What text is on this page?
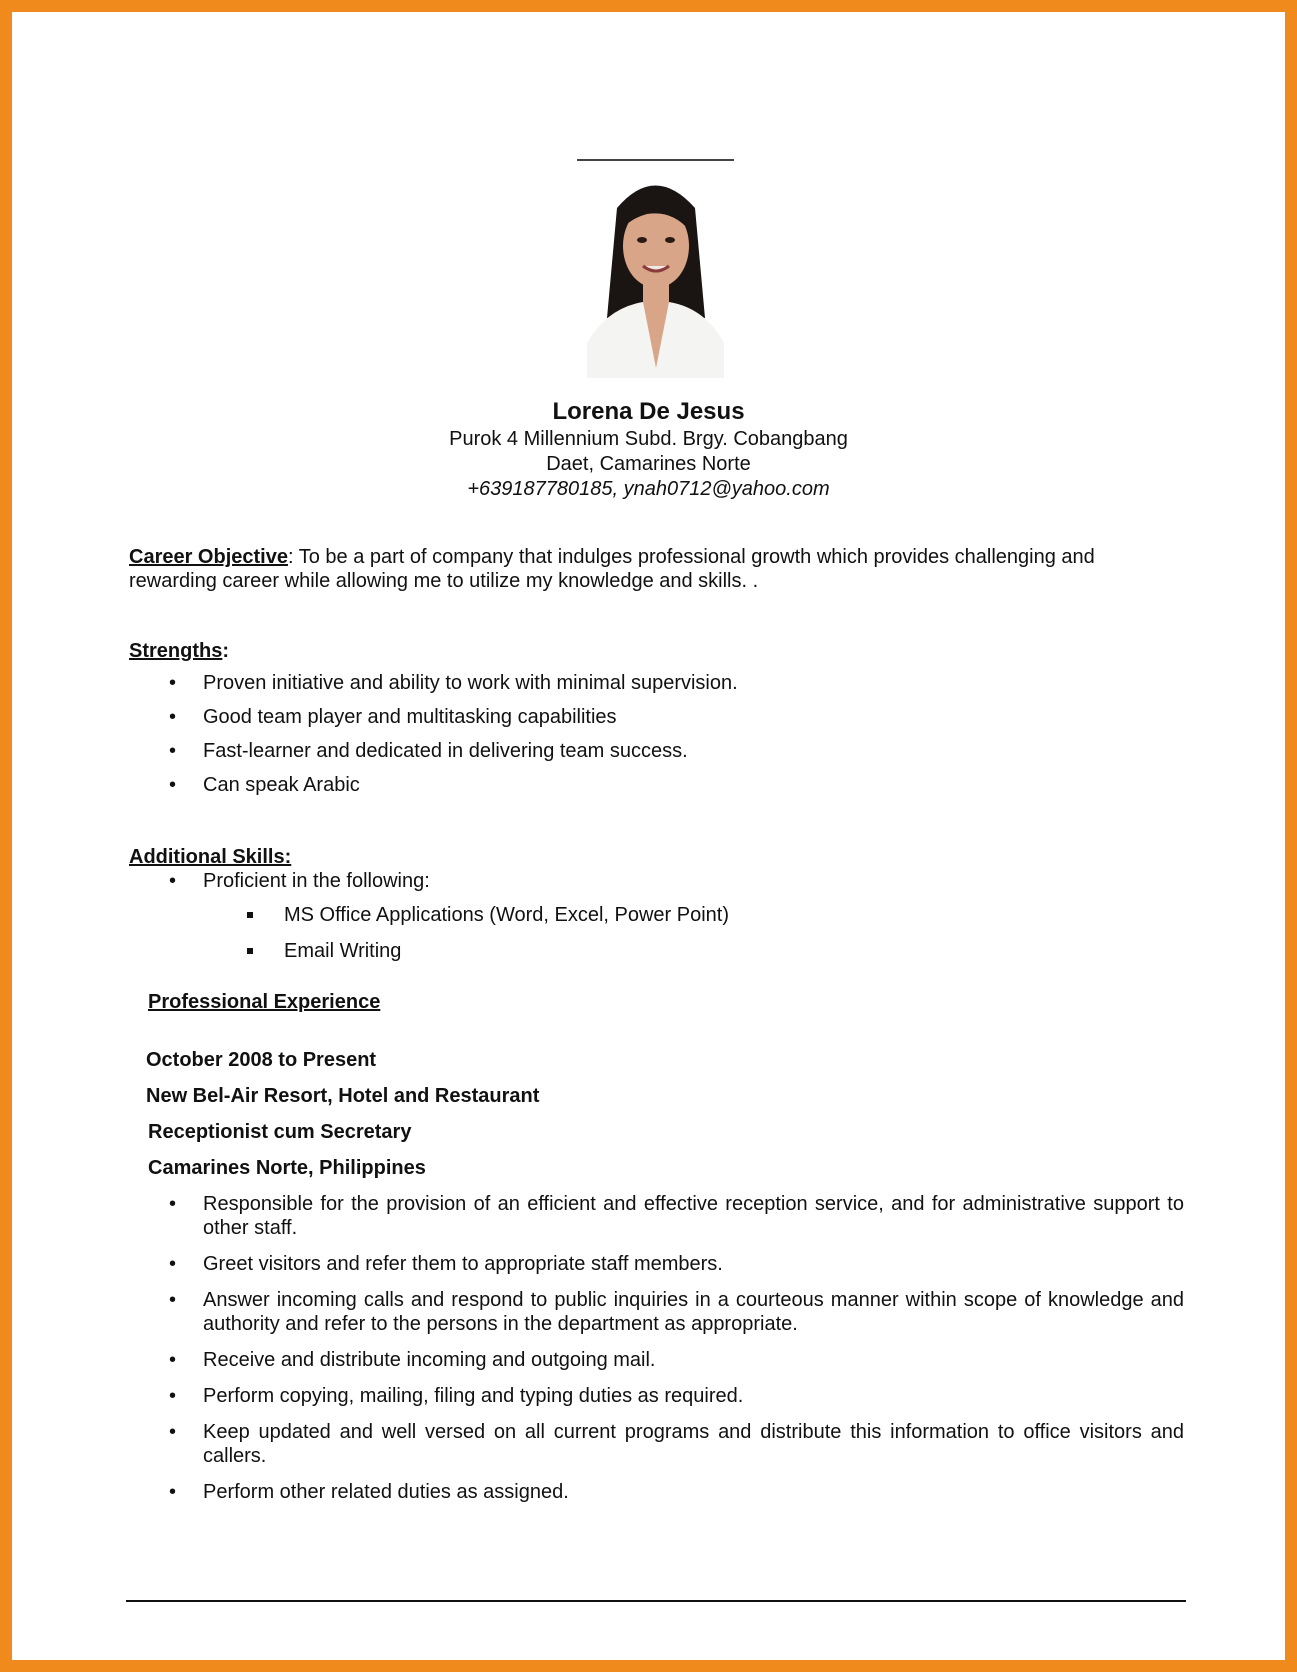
Lorena De Jesus
Purok 4 Millennium Subd. Brgy. Cobangbang
Daet, Camarines Norte
+639187780185, ynah0712@yahoo.com
Career Objective: To be a part of company that indulges professional growth which provides challenging and rewarding career while allowing me to utilize my knowledge and skills. .
Strengths:
• Proven initiative and ability to work with minimal supervision.
• Good team player and multitasking capabilities
• Fast-learner and dedicated in delivering team success.
• Can speak Arabic
Additional Skills:
• Proficient in the following:
MS Office Applications (Word, Excel, Power Point)
Email Writing
Professional Experience
October 2008 to Present
New Bel-Air Resort, Hotel and Restaurant
Receptionist cum Secretary
Camarines Norte, Philippines
• Responsible for the provision of an efficient and effective reception service, and for administrative support to other staff.
• Greet visitors and refer them to appropriate staff members.
• Answer incoming calls and respond to public inquiries in a courteous manner within scope of knowledge and authority and refer to the persons in the department as appropriate.
• Receive and distribute incoming and outgoing mail.
• Perform copying, mailing, filing and typing duties as required.
• Keep updated and well versed on all current programs and distribute this information to office visitors and callers.
• Perform other related duties as assigned.
